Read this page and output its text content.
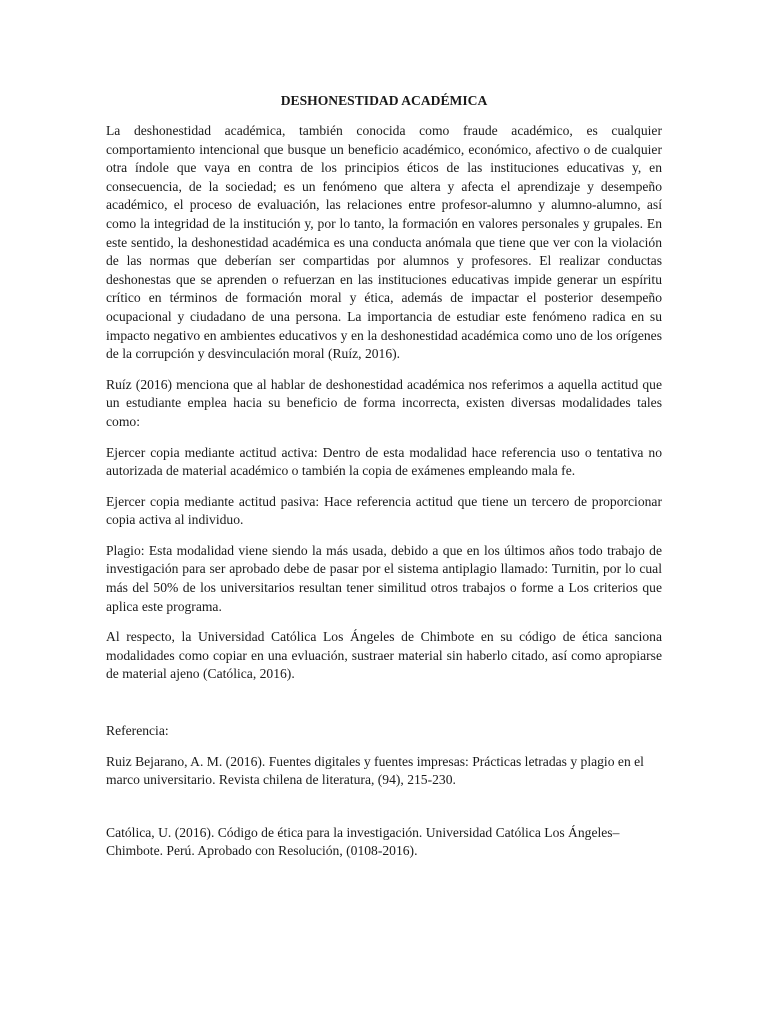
DESHONESTIDAD ACADÉMICA

La deshonestidad académica, también conocida como fraude académico, es cualquier comportamiento intencional que busque un beneficio académico, económico, afectivo o de cualquier otra índole que vaya en contra de los principios éticos de las instituciones educativas y, en consecuencia, de la sociedad; es un fenómeno que altera y afecta el aprendizaje y desempeño académico, el proceso de evaluación, las relaciones entre profesor-alumno y alumno-alumno, así como la integridad de la institución y, por lo tanto, la formación en valores personales y grupales. En este sentido, la deshonestidad académica es una conducta anómala que tiene que ver con la violación de las normas que deberían ser compartidas por alumnos y profesores. El realizar conductas deshonestas que se aprenden o refuerzan en las instituciones educativas impide generar un espíritu crítico en términos de formación moral y ética, además de impactar el posterior desempeño ocupacional y ciudadano de una persona. La importancia de estudiar este fenómeno radica en su impacto negativo en ambientes educativos y en la deshonestidad académica como uno de los orígenes de la corrupción y desvinculación moral (Ruíz, 2016).

Ruíz (2016) menciona que al hablar de deshonestidad académica nos referimos a aquella actitud que un estudiante emplea hacia su beneficio de forma incorrecta, existen diversas modalidades tales como:

Ejercer copia mediante actitud activa: Dentro de esta modalidad hace referencia uso o tentativa no autorizada de material académico o también la copia de exámenes empleando mala fe.

Ejercer copia mediante actitud pasiva: Hace referencia actitud que tiene un tercero de proporcionar copia activa al individuo.

Plagio: Esta modalidad viene siendo la más usada, debido a que en los últimos años todo trabajo de investigación para ser aprobado debe de pasar por el sistema antiplagio llamado: Turnitin, por lo cual más del 50% de los universitarios resultan tener similitud otros trabajos o forme a Los criterios que aplica este programa.

Al respecto, la Universidad Católica Los Ángeles de Chimbote en su código de ética sanciona modalidades como copiar en una evluación, sustraer material sin haberlo citado, así como apropiarse de material ajeno (Católica, 2016).

Referencia:

Ruiz Bejarano, A. M. (2016). Fuentes digitales y fuentes impresas: Prácticas letradas y plagio en el marco universitario. Revista chilena de literatura, (94), 215-230.

Católica, U. (2016). Código de ética para la investigación. Universidad Católica Los Ángeles–Chimbote. Perú. Aprobado con Resolución, (0108-2016).
